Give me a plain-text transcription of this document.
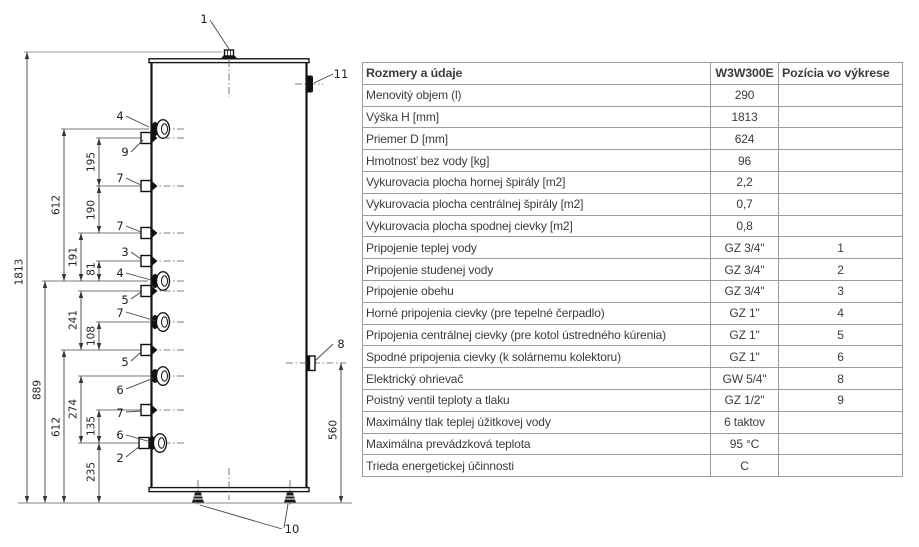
1813
889
612
612
195
190
191
81
241
108
274
135
235
560
1
11
4
9
7
7
3
4
5
7
5
6
7
6
2
8
10
Rozmery a údaje	W3W300E	Pozícia vo výkrese
Menovitý objem (l)	290	
Výška H [mm]	1813	
Priemer D [mm]	624	
Hmotnosť bez vody [kg]	96	
Vykurovacia plocha hornej špirály [m2]	2,2	
Vykurovacia plocha centrálnej špirály [m2]	0,7	
Vykurovacia plocha spodnej cievky [m2]	0,8	
Pripojenie teplej vody	GZ 3/4"	1
Pripojenie studenej vody	GZ 3/4"	2
Pripojenie obehu	GZ 3/4"	3
Horné pripojenia cievky (pre tepelné čerpadlo)	GZ 1"	4
Pripojenia centrálnej cievky (pre kotol ústredného kúrenia)	GZ 1"	5
Spodné pripojenia cievky (k solárnemu kolektoru)	GZ 1"	6
Elektrický ohrievač	GW 5/4"	8
Poistný ventil teploty a tlaku	GZ 1/2"	9
Maximálny tlak teplej úžitkovej vody	6 taktov	
Maximálna prevádzková teplota	95 °C	
Trieda energetickej účinnosti	C	
